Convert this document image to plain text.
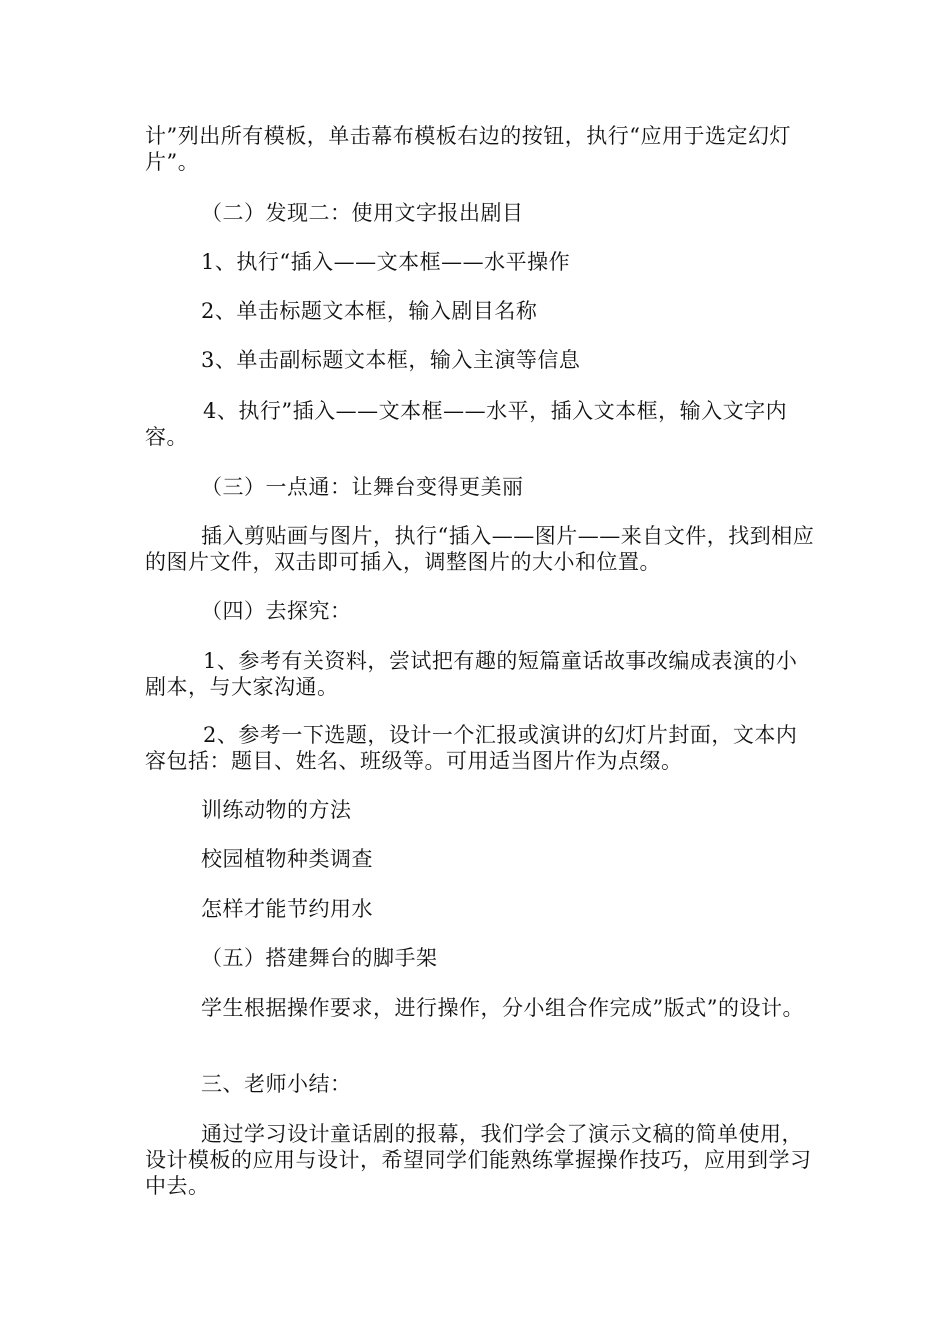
计”列出所有模板，单击幕布模板右边的按钮，执行“应用于选定幻灯片”。

（二）发现二：使用文字报出剧目

1、执行“插入——文本框——水平操作

2、单击标题文本框，输入剧目名称

3、单击副标题文本框，输入主演等信息

4、执行”插入——文本框——水平，插入文本框，输入文字内容。

（三）一点通：让舞台变得更美丽

插入剪贴画与图片，执行“插入——图片——来自文件，找到相应的图片文件，双击即可插入，调整图片的大小和位置。

（四）去探究：

1、参考有关资料，尝试把有趣的短篇童话故事改编成表演的小剧本，与大家沟通。

2、参考一下选题，设计一个汇报或演讲的幻灯片封面，文本内容包括：题目、姓名、班级等。可用适当图片作为点缀。

训练动物的方法

校园植物种类调查

怎样才能节约用水

（五）搭建舞台的脚手架

学生根据操作要求，进行操作，分小组合作完成”版式”的设计。

三、老师小结：

通过学习设计童话剧的报幕，我们学会了演示文稿的简单使用，设计模板的应用与设计，希望同学们能熟练掌握操作技巧，应用到学习中去。
